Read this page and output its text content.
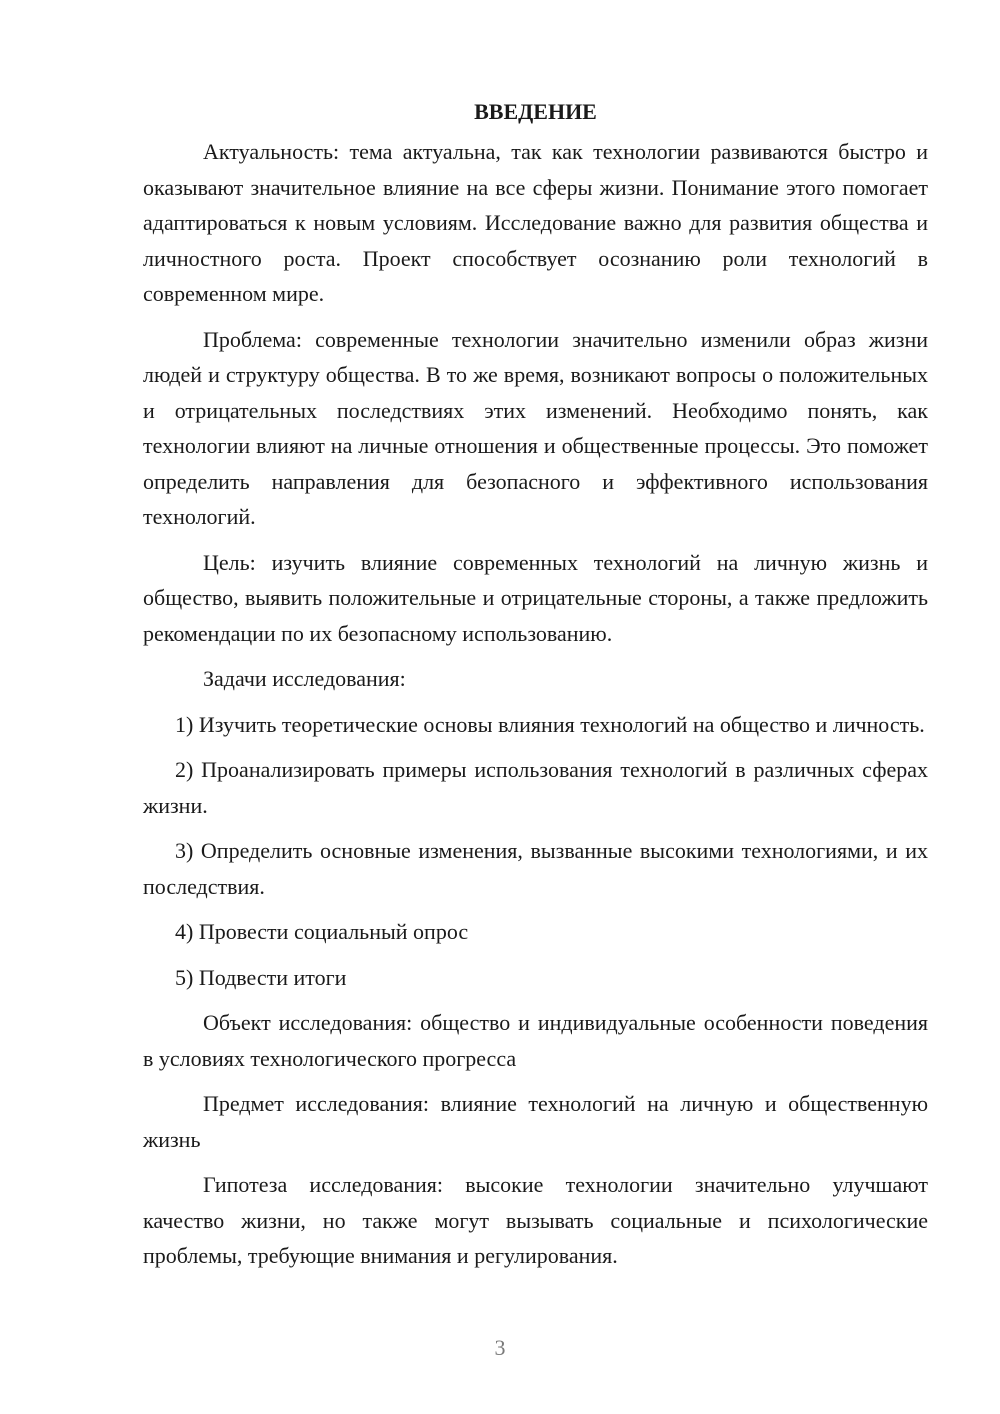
ВВЕДЕНИЕ

Актуальность: тема актуальна, так как технологии развиваются быстро и оказывают значительное влияние на все сферы жизни. Понимание этого помогает адаптироваться к новым условиям. Исследование важно для развития общества и личностного роста. Проект способствует осознанию роли технологий в современном мире.

Проблема: современные технологии значительно изменили образ жизни людей и структуру общества. В то же время, возникают вопросы о положительных и отрицательных последствиях этих изменений. Необходимо понять, как технологии влияют на личные отношения и общественные процессы. Это поможет определить направления для безопасного и эффективного использования технологий.

Цель: изучить влияние современных технологий на личную жизнь и общество, выявить положительные и отрицательные стороны, а также предложить рекомендации по их безопасному использованию.

Задачи исследования:

1) Изучить теоретические основы влияния технологий на общество и личность.

2) Проанализировать примеры использования технологий в различных сферах жизни.

3) Определить основные изменения, вызванные высокими технологиями, и их последствия.

4) Провести социальный опрос

5) Подвести итоги

Объект исследования: общество и индивидуальные особенности поведения в условиях технологического прогресса

Предмет исследования: влияние технологий на личную и общественную жизнь

Гипотеза исследования: высокие технологии значительно улучшают качество жизни, но также могут вызывать социальные и психологические проблемы, требующие внимания и регулирования.

3
